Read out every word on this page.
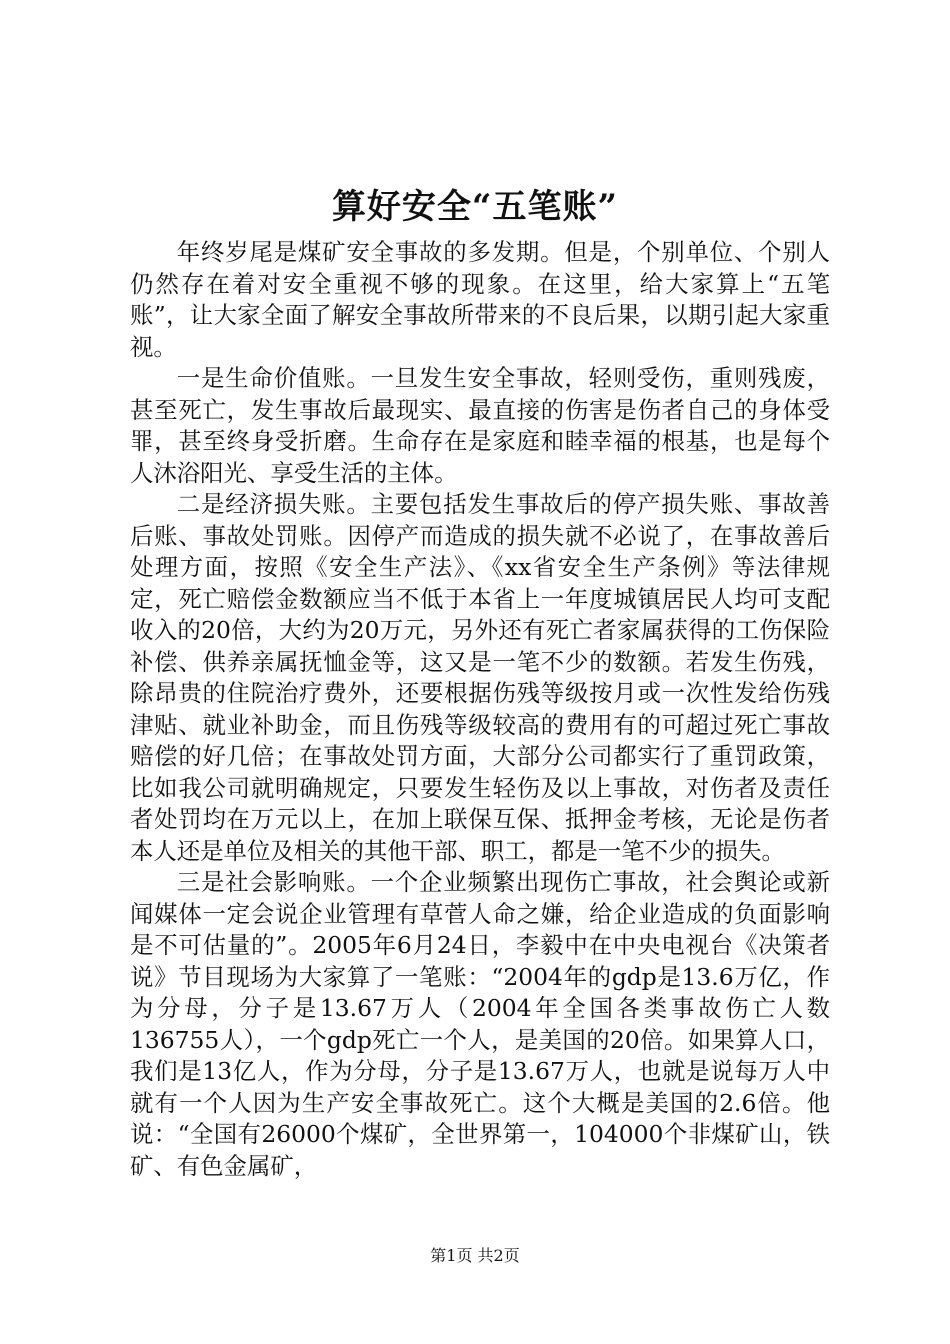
算好安全“五笔账”

年终岁尾是煤矿安全事故的多发期。但是，个别单位、个别人仍然存在着对安全重视不够的现象。在这里，给大家算上“五笔账”，让大家全面了解安全事故所带来的不良后果，以期引起大家重视。

一是生命价值账。一旦发生安全事故，轻则受伤，重则残废，甚至死亡，发生事故后最现实、最直接的伤害是伤者自己的身体受罪，甚至终身受折磨。生命存在是家庭和睦幸福的根基，也是每个人沐浴阳光、享受生活的主体。

二是经济损失账。主要包括发生事故后的停产损失账、事故善后账、事故处罚账。因停产而造成的损失就不必说了，在事故善后处理方面，按照《安全生产法》、《xx省安全生产条例》等法律规定，死亡赔偿金数额应当不低于本省上一年度城镇居民人均可支配收入的20倍，大约为20万元，另外还有死亡者家属获得的工伤保险补偿、供养亲属抚恤金等，这又是一笔不少的数额。若发生伤残，除昂贵的住院治疗费外，还要根据伤残等级按月或一次性发给伤残津贴、就业补助金，而且伤残等级较高的费用有的可超过死亡事故赔偿的好几倍；在事故处罚方面，大部分公司都实行了重罚政策，比如我公司就明确规定，只要发生轻伤及以上事故，对伤者及责任者处罚均在万元以上，在加上联保互保、抵押金考核，无论是伤者本人还是单位及相关的其他干部、职工，都是一笔不少的损失。

三是社会影响账。一个企业频繁出现伤亡事故，社会舆论或新闻媒体一定会说企业管理有草菅人命之嫌，给企业造成的负面影响是不可估量的”。2005年6月24日，李毅中在中央电视台《决策者说》节目现场为大家算了一笔账：“2004年的gdp是13.6万亿，作为分母，分子是13.67万人（2004年全国各类事故伤亡人数136755人），一个gdp死亡一个人，是美国的20倍。如果算人口，我们是13亿人，作为分母，分子是13.67万人，也就是说每万人中就有一个人因为生产安全事故死亡。这个大概是美国的2.6倍。他说：“全国有26000个煤矿，全世界第一，104000个非煤矿山，铁矿、有色金属矿，

第1页 共2页
